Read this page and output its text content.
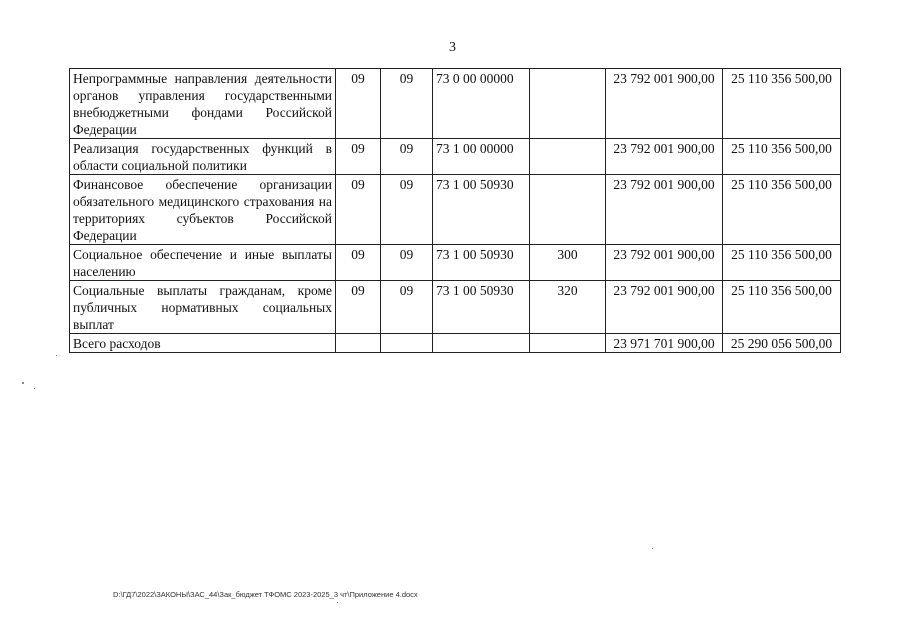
3
Непрограммные направления деятельности органов управления государственными внебюджетными фондами Российской Федерации	09	09	73 0 00 00000		23 792 001 900,00	25 110 356 500,00
Реализация государственных функций в области социальной политики	09	09	73 1 00 00000		23 792 001 900,00	25 110 356 500,00
Финансовое обеспечение организации обязательного медицинского страхования на территориях субъектов Российской Федерации	09	09	73 1 00 50930		23 792 001 900,00	25 110 356 500,00
Социальное обеспечение и иные выплаты населению	09	09	73 1 00 50930	300	23 792 001 900,00	25 110 356 500,00
Социальные выплаты гражданам, кроме публичных нормативных социальных выплат	09	09	73 1 00 50930	320	23 792 001 900,00	25 110 356 500,00
Всего расходов					23 971 701 900,00	25 290 056 500,00
D:\ГД7\2022\ЗАКОНЫ\ЗАС_44\Зак_бюджет ТФОМС 2023-2025_3 чт\Приложение 4.docx
